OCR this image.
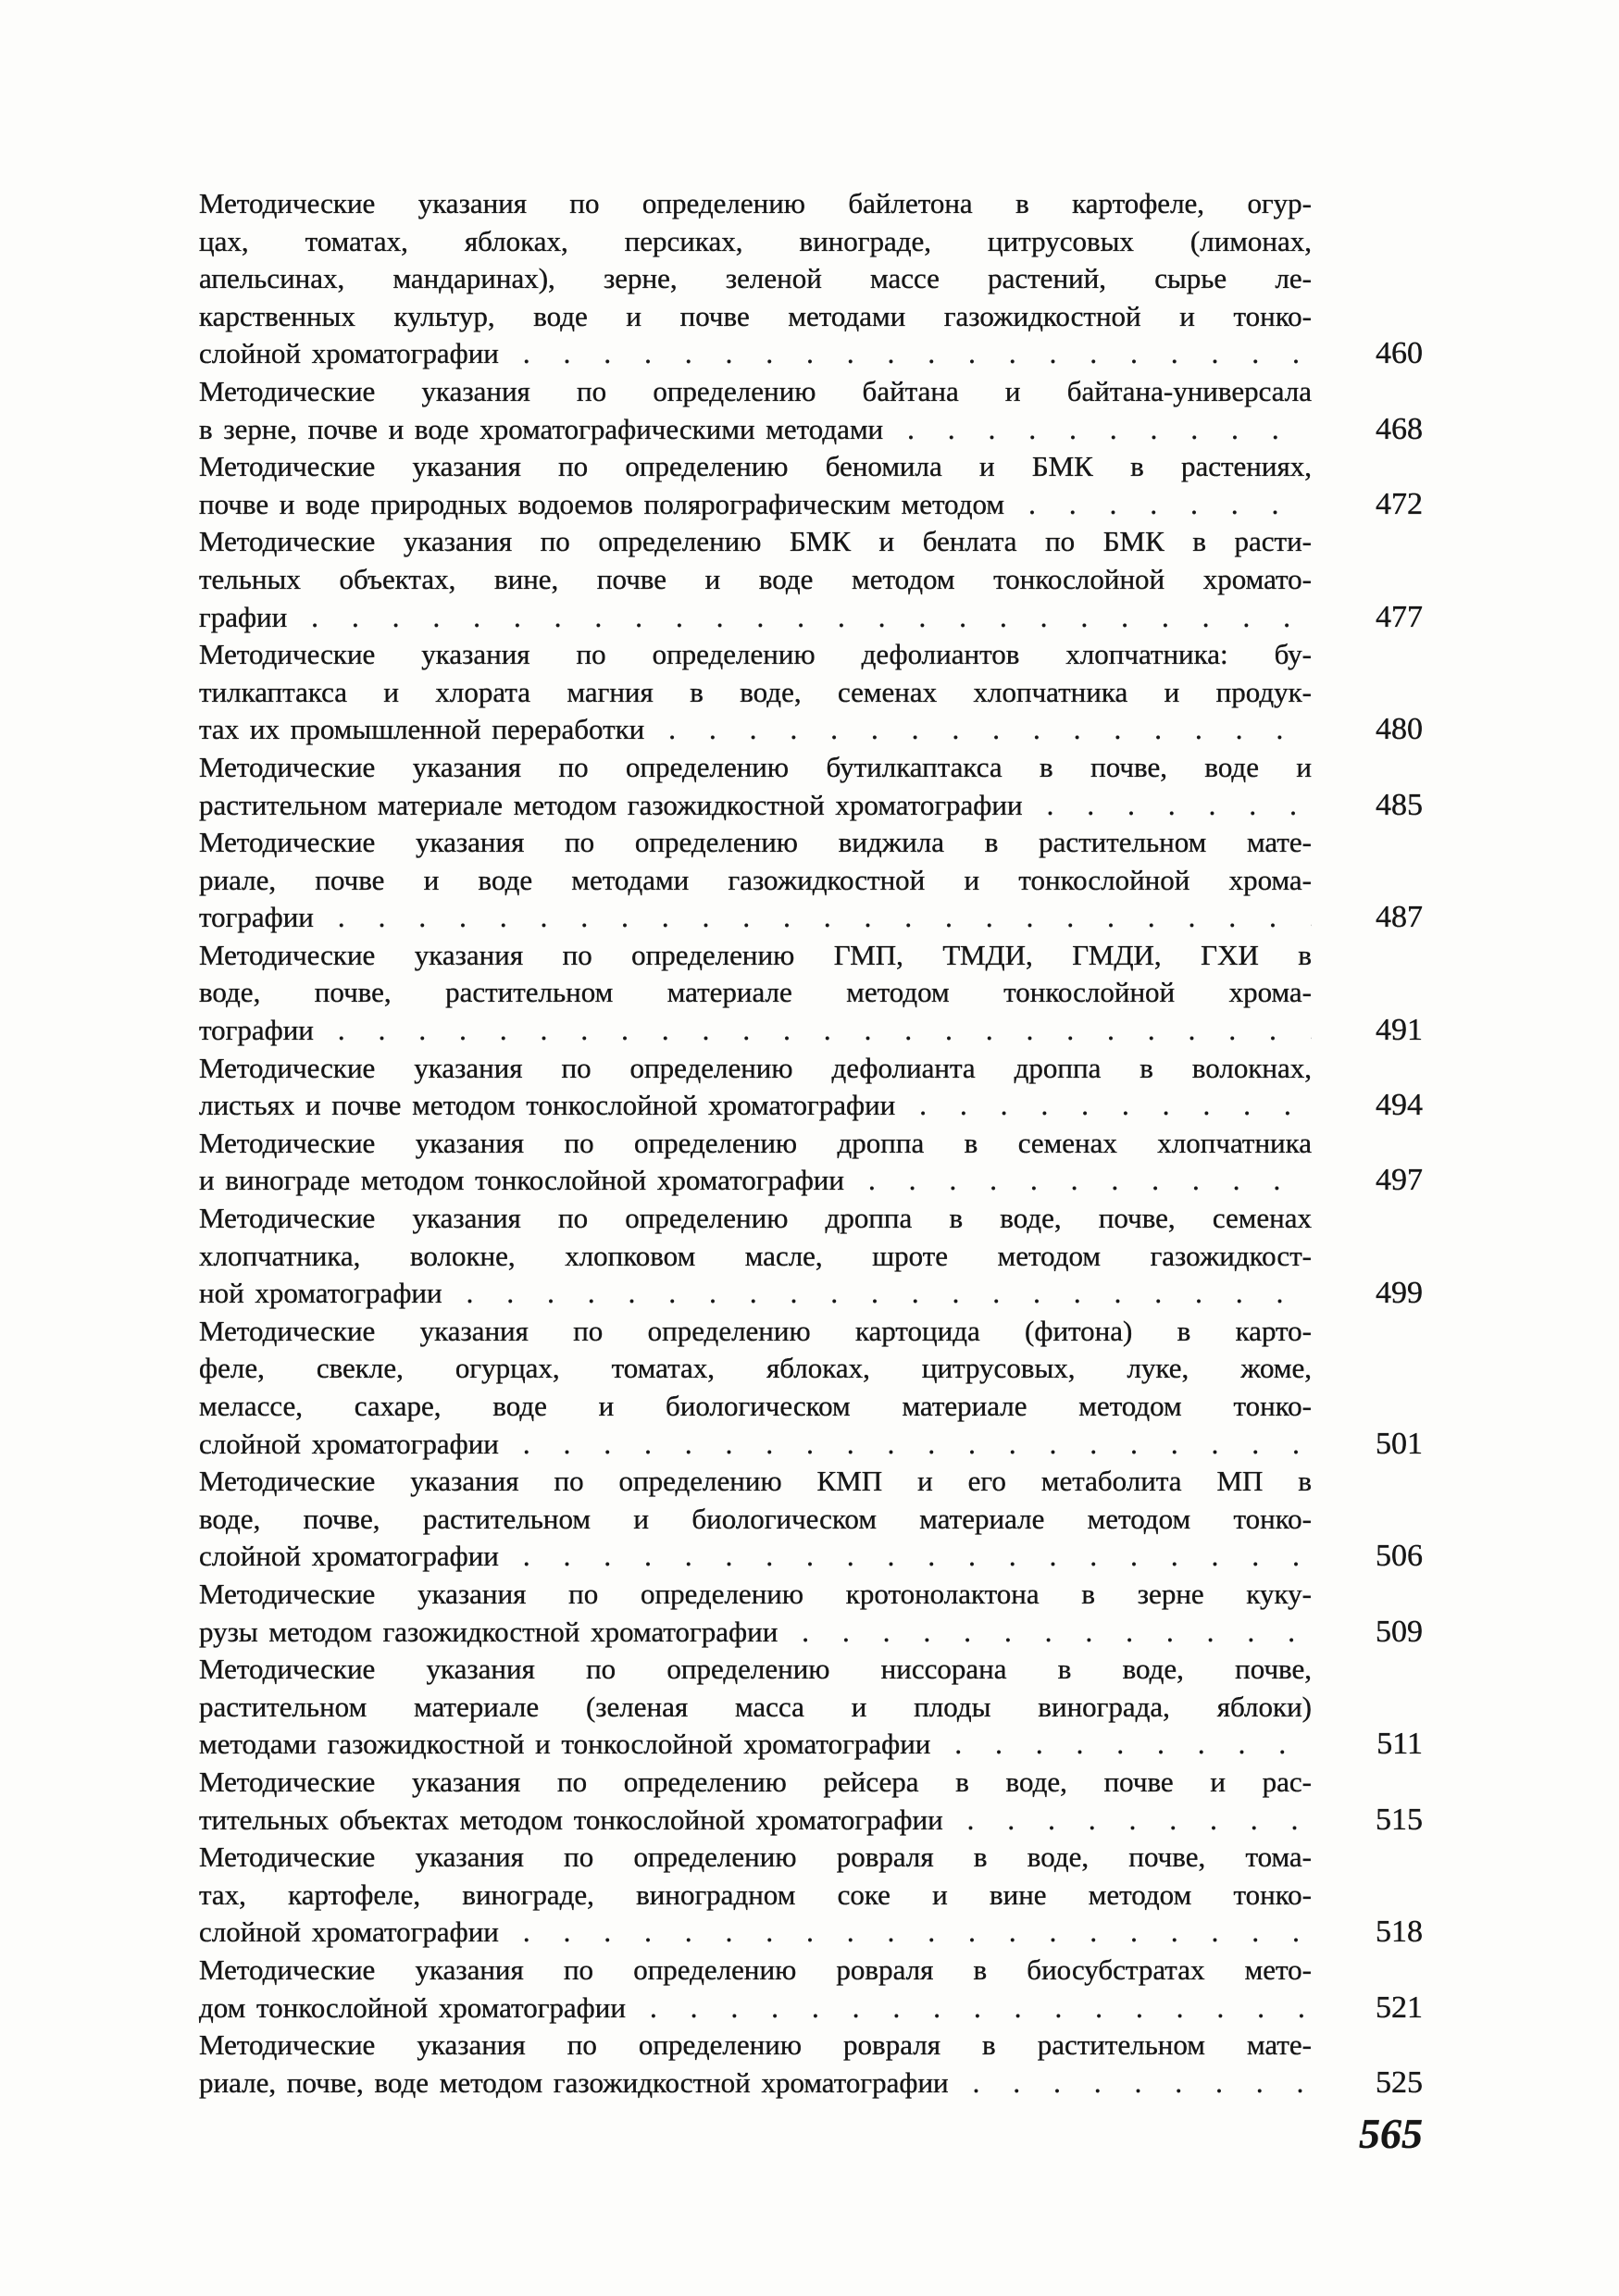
Методические указания по определению байлетона в картофеле, огур-
цах, томатах, яблоках, персиках, винограде, цитрусовых (лимонах,
апельсинах, мандаринах), зерне, зеленой массе растений, сырье ле-
карственных культур, воде и почве методами газожидкостной и тонко-
слойной хроматографии .....	460
Методические указания по определению байтана и байтана-универсала
в зерне, почве и воде хроматографическими методами .....	468
Методические указания по определению беномила и БМК в растениях,
почве и воде природных водоемов полярографическим методом .....	472
Методические указания по определению БМК и бенлата по БМК в расти-
тельных объектах, вине, почве и воде методом тонкослойной хромато-
графии .....	477
Методические указания по определению дефолиантов хлопчатника: бу-
тилкаптакса и хлората магния в воде, семенах хлопчатника и продук-
тах их промышленной переработки .....	480
Методические указания по определению бутилкаптакса в почве, воде и
растительном материале методом газожидкостной хроматографии .....	485
Методические указания по определению виджила в растительном мате-
риале, почве и воде методами газожидкостной и тонкослойной хрома-
тографии .....	487
Методические указания по определению ГМП, ТМДИ, ГМДИ, ГХИ в
воде, почве, растительном материале методом тонкослойной хрома-
тографии .....	491
Методические указания по определению дефолианта дроппа в волокнах,
листьях и почве методом тонкослойной хроматографии .....	494
Методические указания по определению дроппа в семенах хлопчатника
и винограде методом тонкослойной хроматографии .....	497
Методические указания по определению дроппа в воде, почве, семенах
хлопчатника, волокне, хлопковом масле, шроте методом газожидкост-
ной хроматографии .....	499
Методические указания по определению картоцида (фитона) в карто-
феле, свекле, огурцах, томатах, яблоках, цитрусовых, луке, жоме,
мелассе, сахаре, воде и биологическом материале методом тонко-
слойной хроматографии .....	501
Методические указания по определению КМП и его метаболита МП в
воде, почве, растительном и биологическом материале методом тонко-
слойной хроматографии .....	506
Методические указания по определению кротонолактона в зерне куку-
рузы методом газожидкостной хроматографии .....	509
Методические указания по определению ниссорана в воде, почве,
растительном материале (зеленая масса и плоды винограда, яблоки)
методами газожидкостной и тонкослойной хроматографии .....	511
Методические указания по определению рейсера в воде, почве и рас-
тительных объектах методом тонкослойной хроматографии .....	515
Методические указания по определению ровраля в воде, почве, тома-
тах, картофеле, винограде, виноградном соке и вине методом тонко-
слойной хроматографии .....	518
Методические указания по определению ровраля в биосубстратах мето-
дом тонкослойной хроматографии .....	521
Методические указания по определению ровраля в растительном мате-
риале, почве, воде методом газожидкостной хроматографии .....	525
565
